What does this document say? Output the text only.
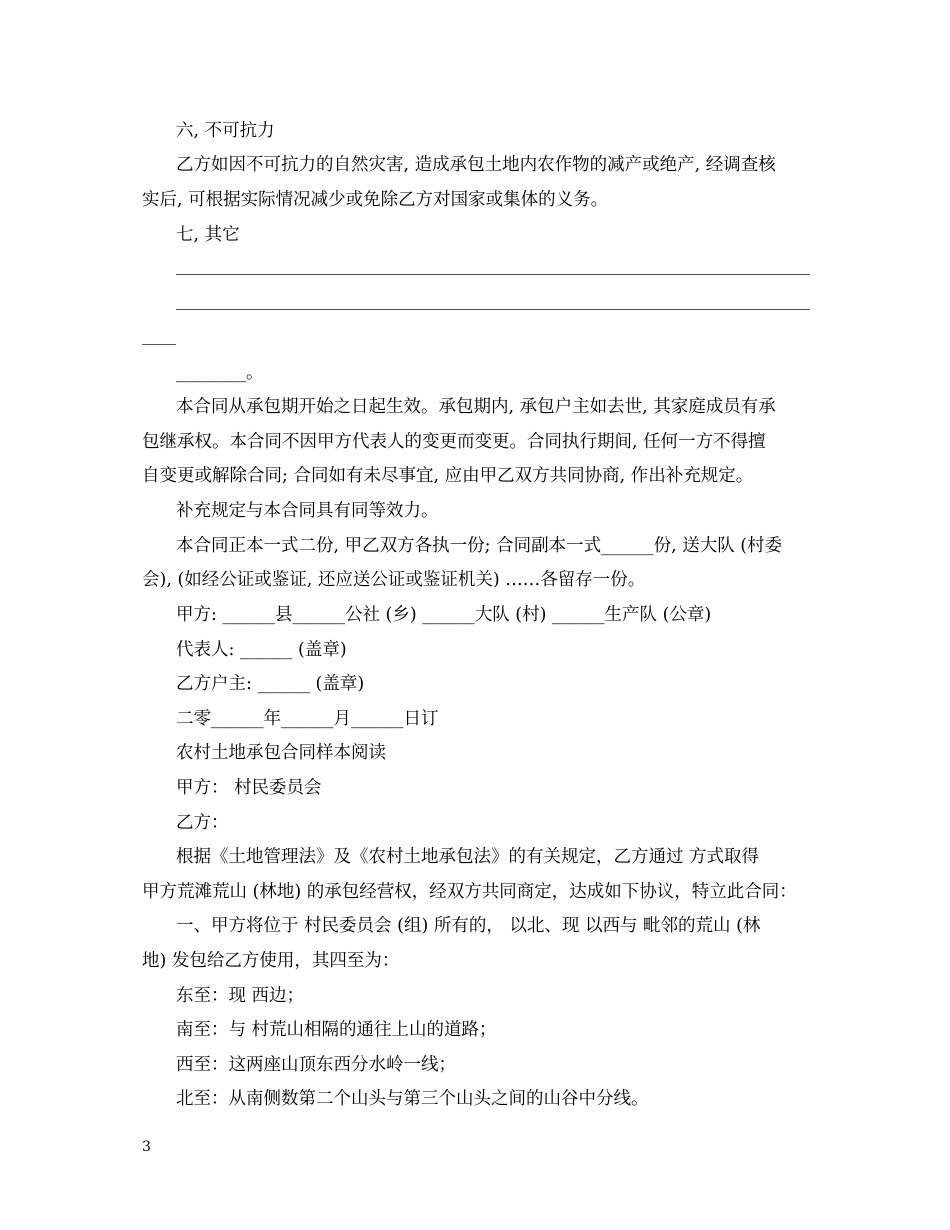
六, 不可抗力
乙方如因不可抗力的自然灾害, 造成承包土地内农作物的减产或绝产, 经调查核
实后, 可根据实际情况减少或免除乙方对国家或集体的义务。
七, 其它
________。
本合同从承包期开始之日起生效。承包期内, 承包户主如去世, 其家庭成员有承
包继承权。本合同不因甲方代表人的变更而变更。合同执行期间, 任何一方不得擅
自变更或解除合同; 合同如有未尽事宜, 应由甲乙双方共同协商, 作出补充规定。
补充规定与本合同具有同等效力。
本合同正本一式二份, 甲乙双方各执一份; 合同副本一式______份, 送大队 (村委
会), (如经公证或鉴证, 还应送公证或鉴证机关) ……各留存一份。
甲方: ______县______公社 (乡) ______大队 (村) ______生产队 (公章)
代表人: ______ (盖章)
乙方户主: ______ (盖章)
二零______年______月______日订
农村土地承包合同样本阅读
甲方： 村民委员会
乙方：
根据《土地管理法》及《农村土地承包法》的有关规定，乙方通过 方式取得
甲方荒滩荒山 (林地) 的承包经营权，经双方共同商定，达成如下协议，特立此合同：
一、甲方将位于 村民委员会 (组) 所有的， 以北、现 以西与 毗邻的荒山 (林
地) 发包给乙方使用，其四至为：
东至：现 西边；
南至：与 村荒山相隔的通往上山的道路；
西至：这两座山顶东西分水岭一线；
北至：从南侧数第二个山头与第三个山头之间的山谷中分线。
3
